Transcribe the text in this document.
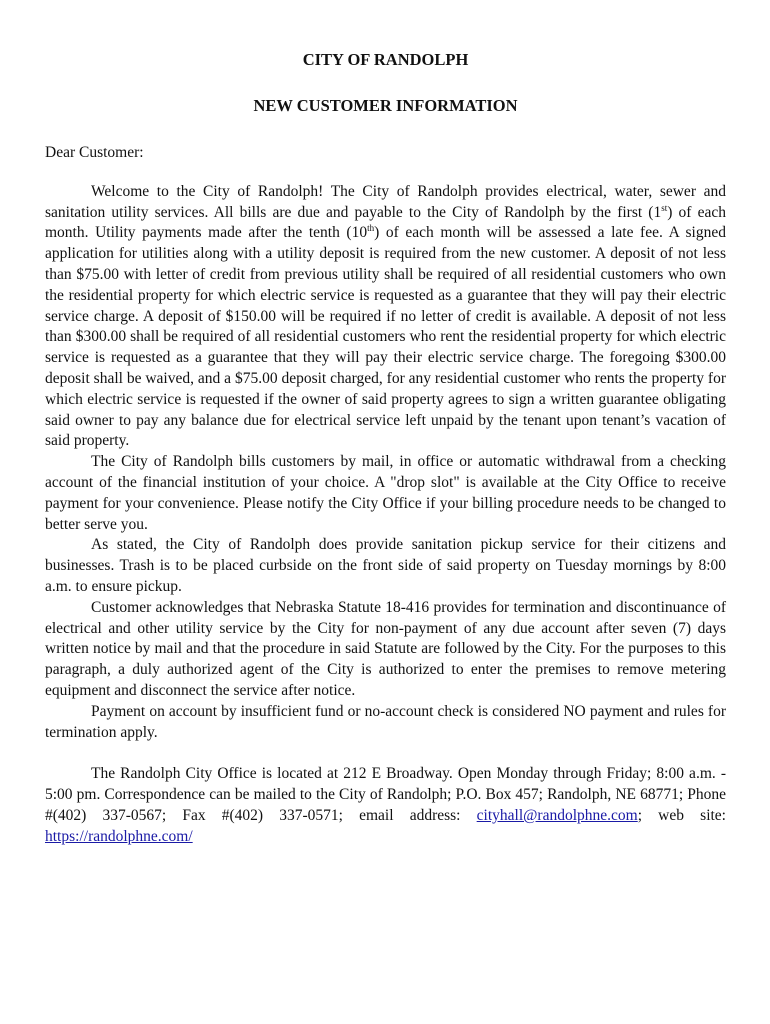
CITY OF RANDOLPH
NEW CUSTOMER INFORMATION

Dear Customer:

Welcome to the City of Randolph! The City of Randolph provides electrical, water, sewer and sanitation utility services. All bills are due and payable to the City of Randolph by the first (1st) of each month. Utility payments made after the tenth (10th) of each month will be assessed a late fee. A signed application for utilities along with a utility deposit is required from the new customer. A deposit of not less than $75.00 with letter of credit from previous utility shall be required of all residential customers who own the residential property for which electric service is requested as a guarantee that they will pay their electric service charge. A deposit of $150.00 will be required if no letter of credit is available. A deposit of not less than $300.00 shall be required of all residential customers who rent the residential property for which electric service is requested as a guarantee that they will pay their electric service charge. The foregoing $300.00 deposit shall be waived, and a $75.00 deposit charged, for any residential customer who rents the property for which electric service is requested if the owner of said property agrees to sign a written guarantee obligating said owner to pay any balance due for electrical service left unpaid by the tenant upon tenant’s vacation of said property.

The City of Randolph bills customers by mail, in office or automatic withdrawal from a checking account of the financial institution of your choice. A "drop slot" is available at the City Office to receive payment for your convenience. Please notify the City Office if your billing procedure needs to be changed to better serve you.

As stated, the City of Randolph does provide sanitation pickup service for their citizens and businesses. Trash is to be placed curbside on the front side of said property on Tuesday mornings by 8:00 a.m. to ensure pickup.

Customer acknowledges that Nebraska Statute 18-416 provides for termination and discontinuance of electrical and other utility service by the City for non-payment of any due account after seven (7) days written notice by mail and that the procedure in said Statute are followed by the City. For the purposes to this paragraph, a duly authorized agent of the City is authorized to enter the premises to remove metering equipment and disconnect the service after notice.

Payment on account by insufficient fund or no-account check is considered NO payment and rules for termination apply.

The Randolph City Office is located at 212 E Broadway. Open Monday through Friday; 8:00 a.m. - 5:00 pm. Correspondence can be mailed to the City of Randolph; P.O. Box 457; Randolph, NE 68771; Phone #(402) 337-0567; Fax #(402) 337-0571; email address: cityhall@randolphne.com; web site: https://randolphne.com/
